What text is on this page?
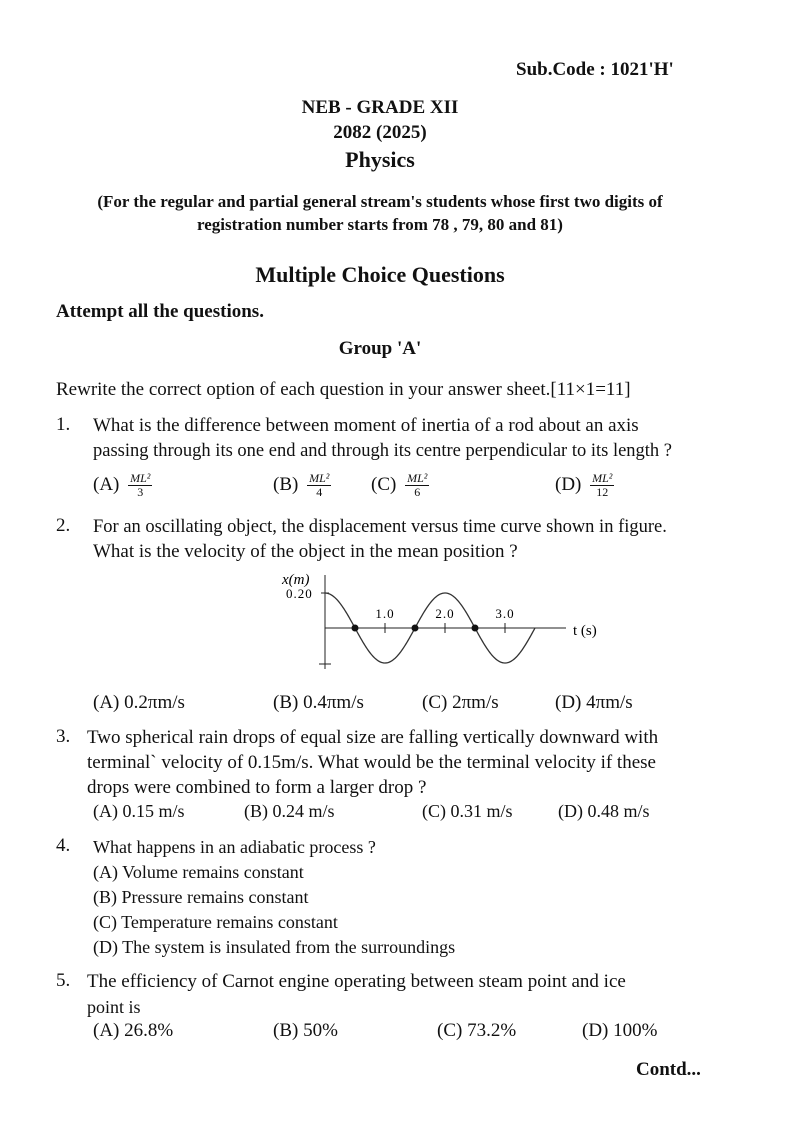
Sub.Code : 1021'H'
NEB - GRADE XII
2082 (2025)
Physics
(For the regular and partial general stream's students whose first two digits of
registration number starts from 78 , 79, 80 and 81)
Multiple Choice Questions
Attempt all the questions.
Group 'A'
Rewrite the correct option of each question in your answer sheet.[11×1=11]
1. What is the difference between moment of inertia of a rod about an axis
passing through its one end and through its centre perpendicular to its length ?
$(A) \frac{\text{ML²}}{3}$	$(B) \frac{\text{ML²}}{4} (C) \frac{\text{ML²}}{6}$	$(D) \frac{\text{ML²}}{12}$
2. For an oscillating object, the displacement versus time curve shown in figure.
What is the velocity of the object in the mean position ?
x(m)
0.20
1.0	2.0	3.0
t (s)
(A) 0.2πm/s	(B) 0.4πm/s	(C) 2πm/s	(D) 4πm/s
3. Two spherical rain drops of equal size are falling vertically downward with
terminal` velocity of 0.15m/s. What would be the terminal velocity if these
drops were combined to form a larger drop ?
(A) 0.15 m/s	(B) 0.24 m/s	(C) 0.31 m/s	(D) 0.48 m/s
4. What happens in an adiabatic process ?
(A) Volume remains constant
(B) Pressure remains constant
(C) Temperature remains constant
(D) The system is insulated from the surroundings
5. The efficiency of Carnot engine operating between steam point and ice
point is
(A) 26.8%	(B) 50%	(C) 73.2%	(D) 100%
Contd...
